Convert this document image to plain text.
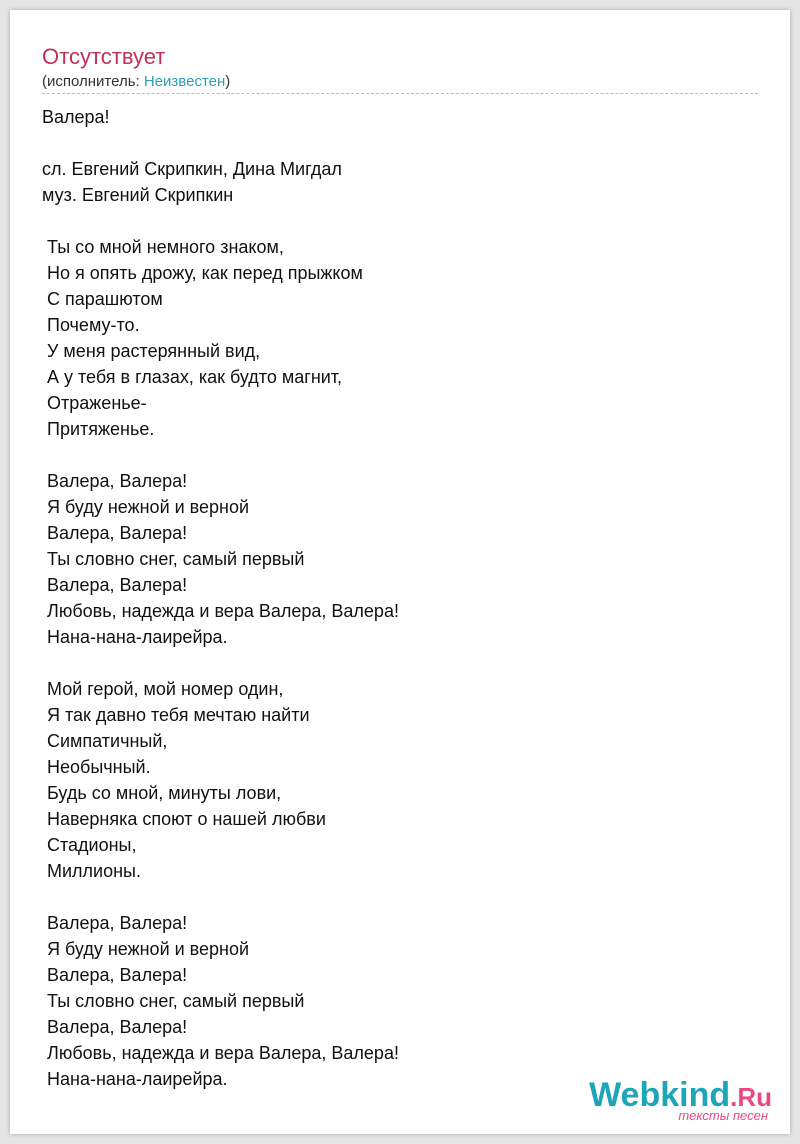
Отсутствует
(исполнитель: Неизвестен)
Валера!
сл. Евгений Скрипкин, Дина Мигдал
муз. Евгений Скрипкин
Ты со мной немного знаком,
Но я опять дрожу, как перед прыжком
С парашютом
Почему-то.
У меня растерянный вид,
А у тебя в глазах, как будто магнит,
Отраженье-
Притяженье.
Валера, Валера!
Я буду нежной и верной
Валера, Валера!
Ты словно снег, самый первый
Валера, Валера!
Любовь, надежда и вера Валера, Валера!
Нана-нана-лаирейра.
Мой герой, мой номер один,
Я так давно тебя мечтаю найти
Симпатичный,
Необычный.
Будь со мной, минуты лови,
Наверняка споют о нашей любви
Стадионы,
Миллионы.
Валера, Валера!
Я буду нежной и верной
Валера, Валера!
Ты словно снег, самый первый
Валера, Валера!
Любовь, надежда и вера Валера, Валера!
Нана-нана-лаирейра.	Webkind.Ru
тексты песен
